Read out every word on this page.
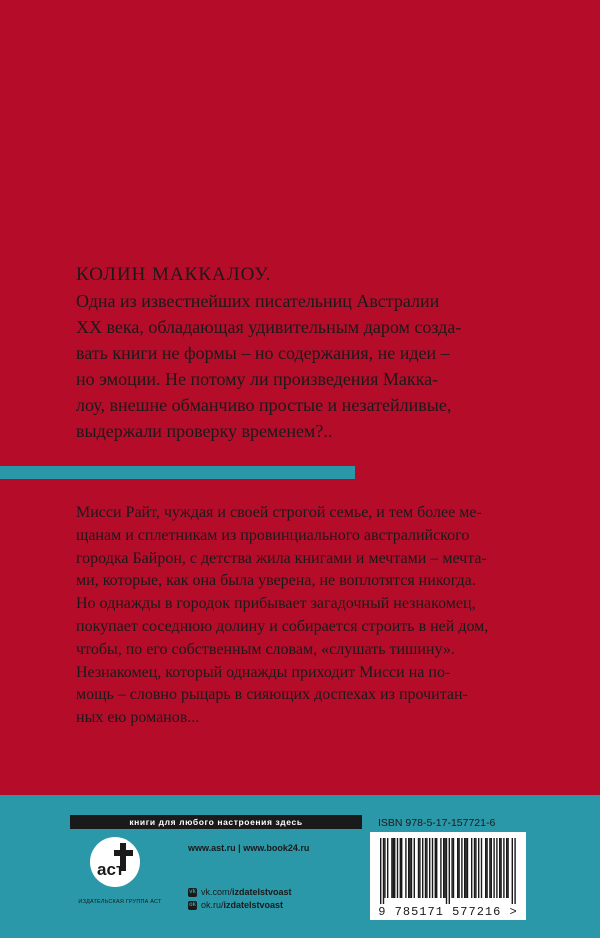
КОЛИН МАККАЛОУ.
Одна из известнейших писательниц Австралии
XX века, обладающая удивительным даром созда-
вать книги не формы – но содержания, не идеи –
но эмоции. Не потому ли произведения Макка-
лоу, внешне обманчиво простые и незатейливые,
выдержали проверку временем?..
Мисси Райт, чуждая и своей строгой семье, и тем более ме-
щанам и сплетникам из провинциального австралийского
городка Байрон, с детства жила книгами и мечтами – мечта-
ми, которые, как она была уверена, не воплотятся никогда.
Но однажды в городок прибывает загадочный незнакомец,
покупает соседнюю долину и собирается строить в ней дом,
чтобы, по его собственным словам, «слушать тишину».
Незнакомец, который однажды приходит Мисси на по-
мощь – словно рыцарь в сияющих доспехах из прочитан-
ных ею романов...
книги для любого настроения здесь
аст
ИЗДАТЕЛЬСКАЯ ГРУППА АСТ
www.ast.ru | www.book24.ru
vk vk.com/ izdatelstvoast
ok ok.ru/ izdatelstvoast
ISBN 978-5-17-157721-6
9 785171 577216 >
